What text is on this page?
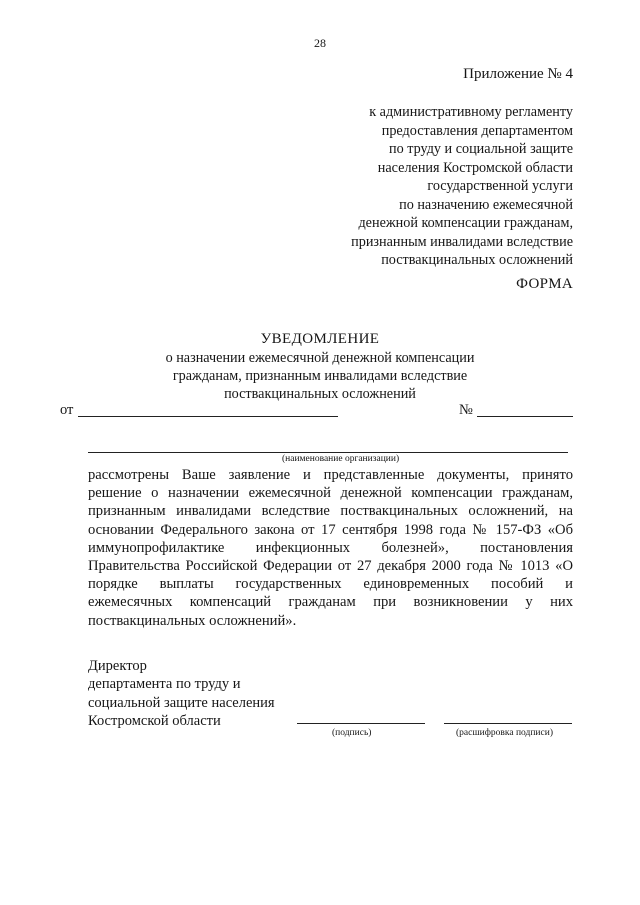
28
Приложение № 4
к административному регламенту
предоставления департаментом
по труду и социальной защите
населения Костромской области
государственной услуги
по назначению ежемесячной
денежной компенсации гражданам,
признанным инвалидами вследствие
поствакцинальных осложнений
ФОРМА
УВЕДОМЛЕНИЕ
о назначении ежемесячной денежной компенсации
гражданам, признанным инвалидами вследствие
поствакцинальных осложнений
от	№
(наименование организации)
рассмотрены Ваше заявление и представленные документы, принято
решение о назначении ежемесячной денежной компенсации гражданам,
признанным инвалидами вследствие поствакцинальных осложнений, на
основании Федерального закона от 17 сентября 1998 года № 157-ФЗ «Об
иммунопрофилактике инфекционных болезней», постановления
Правительства Российской Федерации от 27 декабря 2000 года № 1013 «О
порядке выплаты государственных единовременных пособий и
ежемесячных компенсаций гражданам при возникновении у них
поствакцинальных осложнений».
Директор
департамента по труду и
социальной защите населения
Костромской области
(подпись)	(расшифровка подписи)
